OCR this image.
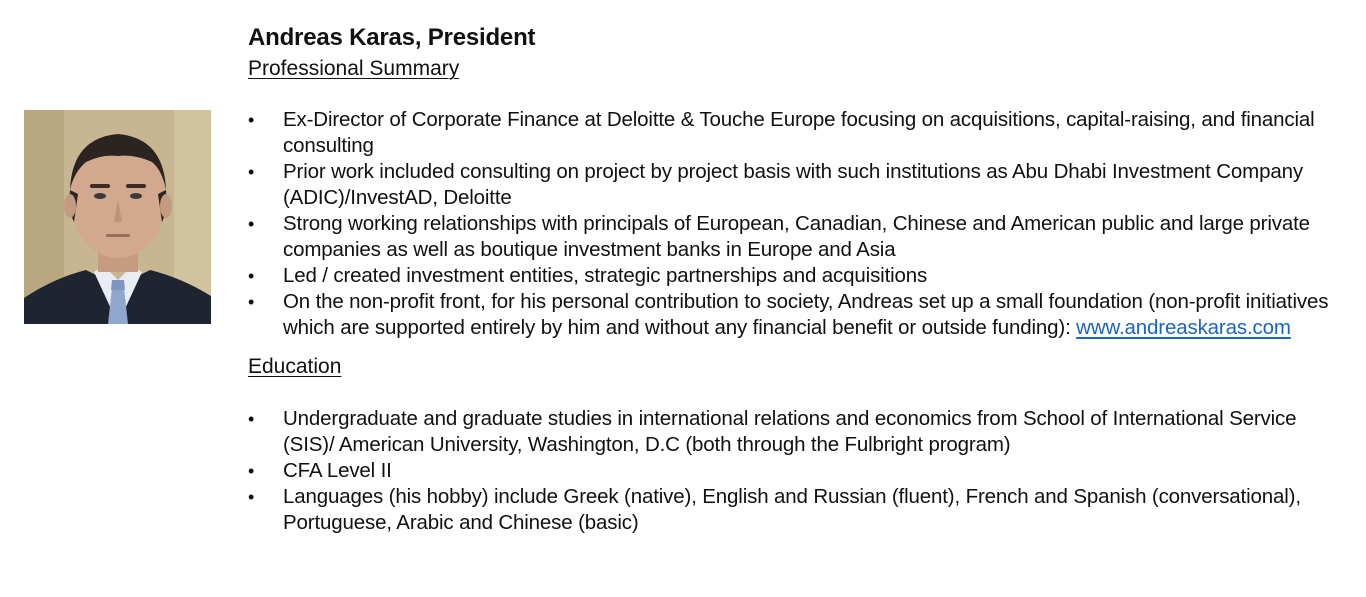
Andreas Karas, President
Professional Summary
•	Ex-Director of Corporate Finance at Deloitte & Touche Europe focusing on acquisitions, capital-raising, and financial consulting
•	Prior work included consulting on project by project basis with such institutions as Abu Dhabi Investment Company (ADIC)/InvestAD, Deloitte
•	Strong working relationships with principals of European, Canadian, Chinese and American public and large private companies as well as boutique investment banks in Europe and Asia
•	Led / created investment entities, strategic partnerships and acquisitions
•	On the non-profit front, for his personal contribution to society, Andreas set up a small foundation (non-profit initiatives which are supported entirely by him and without any financial benefit or outside funding): www.andreaskaras.com
Education
•	Undergraduate and graduate studies in international relations and economics from School of International Service (SIS)/ American University, Washington, D.C (both through the Fulbright program)
•	CFA Level II
•	Languages (his hobby) include Greek (native), English and Russian (fluent), French and Spanish (conversational), Portuguese, Arabic and Chinese (basic)
